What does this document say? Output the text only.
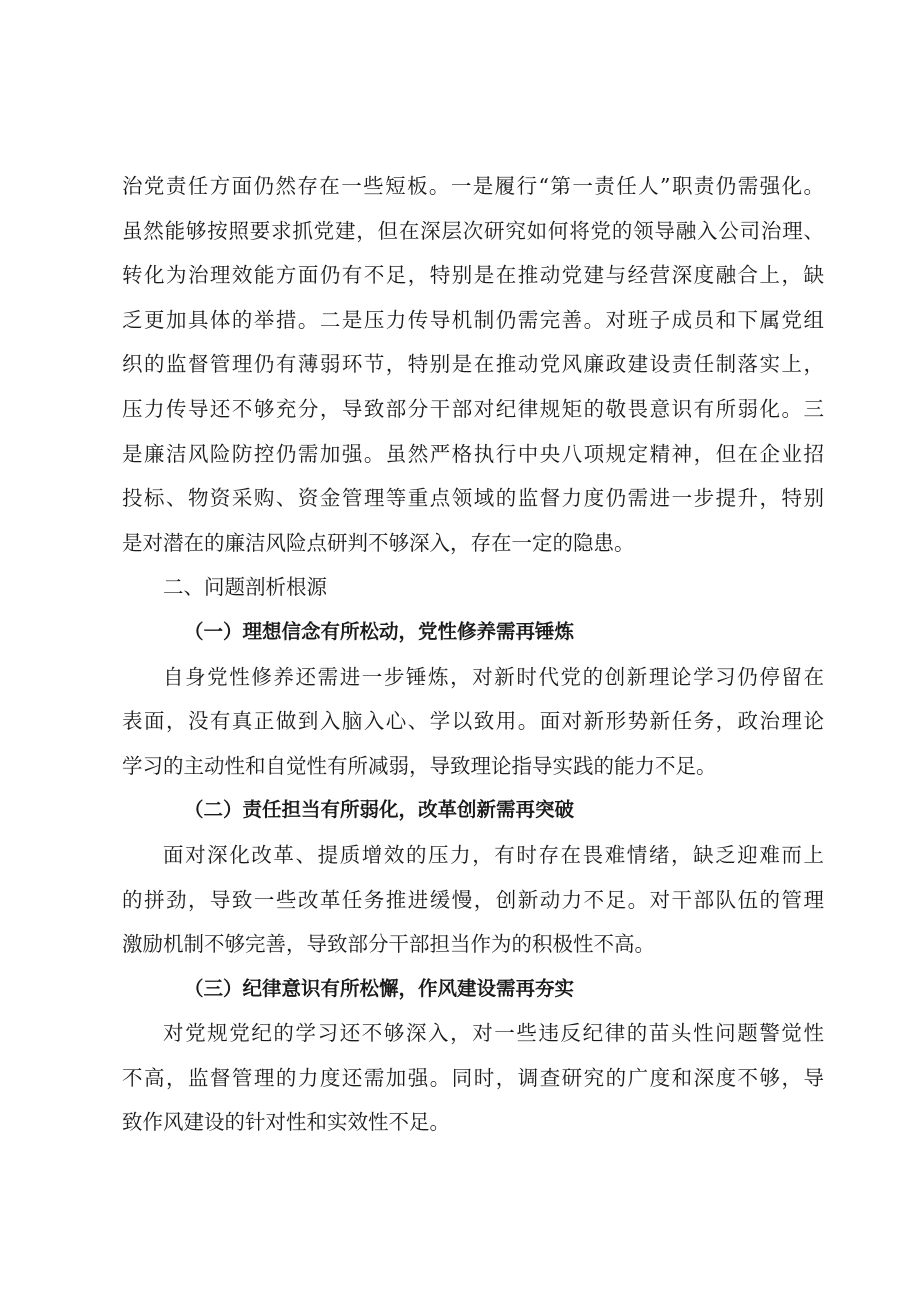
治党责任方面仍然存在一些短板。一是履行“第一责任人”职责仍需强化。
虽然能够按照要求抓党建，但在深层次研究如何将党的领导融入公司治理、
转化为治理效能方面仍有不足，特别是在推动党建与经营深度融合上，缺
乏更加具体的举措。二是压力传导机制仍需完善。对班子成员和下属党组
织的监督管理仍有薄弱环节，特别是在推动党风廉政建设责任制落实上，
压力传导还不够充分，导致部分干部对纪律规矩的敬畏意识有所弱化。三
是廉洁风险防控仍需加强。虽然严格执行中央八项规定精神，但在企业招
投标、物资采购、资金管理等重点领域的监督力度仍需进一步提升，特别
是对潜在的廉洁风险点研判不够深入，存在一定的隐患。
二、问题剖析根源
（一）理想信念有所松动，党性修养需再锤炼
自身党性修养还需进一步锤炼，对新时代党的创新理论学习仍停留在
表面，没有真正做到入脑入心、学以致用。面对新形势新任务，政治理论
学习的主动性和自觉性有所减弱，导致理论指导实践的能力不足。
（二）责任担当有所弱化，改革创新需再突破
面对深化改革、提质增效的压力，有时存在畏难情绪，缺乏迎难而上
的拼劲，导致一些改革任务推进缓慢，创新动力不足。对干部队伍的管理
激励机制不够完善，导致部分干部担当作为的积极性不高。
（三）纪律意识有所松懈，作风建设需再夯实
对党规党纪的学习还不够深入，对一些违反纪律的苗头性问题警觉性
不高，监督管理的力度还需加强。同时，调查研究的广度和深度不够，导
致作风建设的针对性和实效性不足。
